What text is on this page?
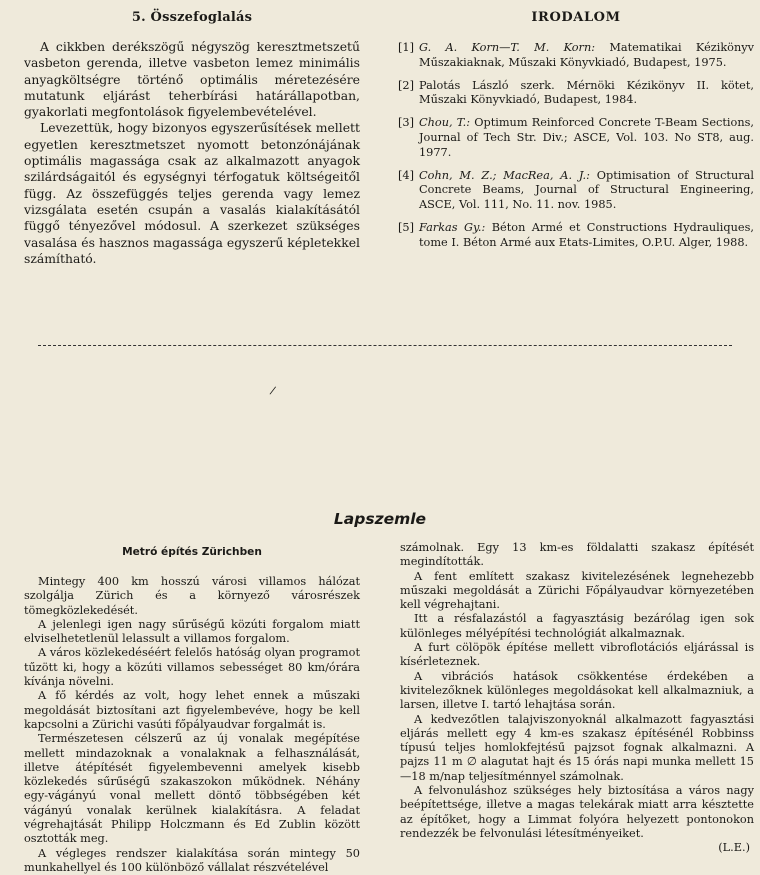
5. Összefoglalás

A cikkben derékszögű négyszög keresztmetszetű vasbeton gerenda, illetve vasbeton lemez minimális anyagköltségre történő optimális méretezésére mutatunk eljárást teherbírási határállapotban, gyakorlati megfontolások figyelembevételével.

Levezettük, hogy bizonyos egyszerűsítések mellett egyetlen keresztmetszet nyomott betonzónájának optimális magassága csak az alkalmazott anyagok szilárdságaitól és egységnyi térfogatuk költségeitől függ. Az összefüggés teljes gerenda vagy lemez vizsgálata esetén csupán a vasalás kialakításától függő tényezővel módosul. A szerkezet szükséges vasalása és hasznos magassága egyszerű képletekkel számítható.

IRODALOM
[1] G. A. Korn—T. M. Korn: Matematikai Kézikönyv Műszakiaknak, Műszaki Könyvkiadó, Budapest, 1975.
[2] Palotás László szerk. Mérnöki Kézikönyv II. kötet, Műszaki Könyvkiadó, Budapest, 1984.
[3] Chou, T.: Optimum Reinforced Concrete T-Beam Sections, Journal of Tech Str. Div.; ASCE, Vol. 103. No ST8, aug. 1977.
[4] Cohn, M. Z.; MacRea, A. J.: Optimisation of Structural Concrete Beams, Journal of Structural Engineering, ASCE, Vol. 111, No. 11. nov. 1985.
[5] Farkas Gy.: Béton Armé et Constructions Hydrauliques, tome I. Béton Armé aux Etats-Limites, O.P.U. Alger, 1988.
/
Lapszemle
Metró építés Zürichben

Mintegy 400 km hosszú városi villamos hálózat szolgálja Zürich és a környező városrészek tömegközlekedését.

A jelenlegi igen nagy sűrűségű közúti forgalom miatt elviselhetetlenül lelassult a villamos forgalom.

A város közlekedéséért felelős hatóság olyan programot tűzött ki, hogy a közúti villamos sebességet 80 km/órára kívánja növelni.

A fő kérdés az volt, hogy lehet ennek a műszaki megoldását biztosítani azt figyelembevéve, hogy be kell kapcsolni a Zürichi vasúti főpályaudvar forgalmát is.

Természetesen célszerű az új vonalak megépítése mellett mindazoknak a vonalaknak a felhasználását, illetve átépítését figyelembevenni amelyek kisebb közlekedés sűrűségű szakaszokon működnek. Néhány egy-vágányú vonal mellett döntő többségében két vágányú vonalak kerülnek kialakításra. A feladat végrehajtását Philipp Holczmann és Ed Zublin között osztották meg.

A végleges rendszer kialakítása során mintegy 50 munkahellyel és 100 különböző vállalat részvételével

számolnak. Egy 13 km-es földalatti szakasz építését megindították.

A fent említett szakasz kivitelezésének legnehezebb műszaki megoldását a Zürichi Főpályaudvar környezetében kell végrehajtani.

Itt a résfalazástól a fagyasztásig bezárólag igen sok különleges mélyépítési technológiát alkalmaznak.

A furt cölöpök építése mellett vibroflotációs eljárással is kísérleteznek.

A vibrációs hatások csökkentése érdekében a kivitelezőknek különleges megoldásokat kell alkalmazniuk, a larsen, illetve I. tartó lehajtása során.

A kedvezőtlen talajviszonyoknál alkalmazott fagyasztási eljárás mellett egy 4 km-es szakasz építésénél Robbinss típusú teljes homlokfejtésű pajzsot fognak alkalmazni. A pajzs 11 m ∅ alagutat hajt és 15 órás napi munka mellett 15—18 m/nap teljesítménnyel számolnak.

A felvonuláshoz szükséges hely biztosítása a város nagy beépítettsége, illetve a magas telekárak miatt arra késztette az építőket, hogy a Limmat folyóra helyezett pontonokon rendezzék be felvonulási létesítményeiket.

(L.E.)
